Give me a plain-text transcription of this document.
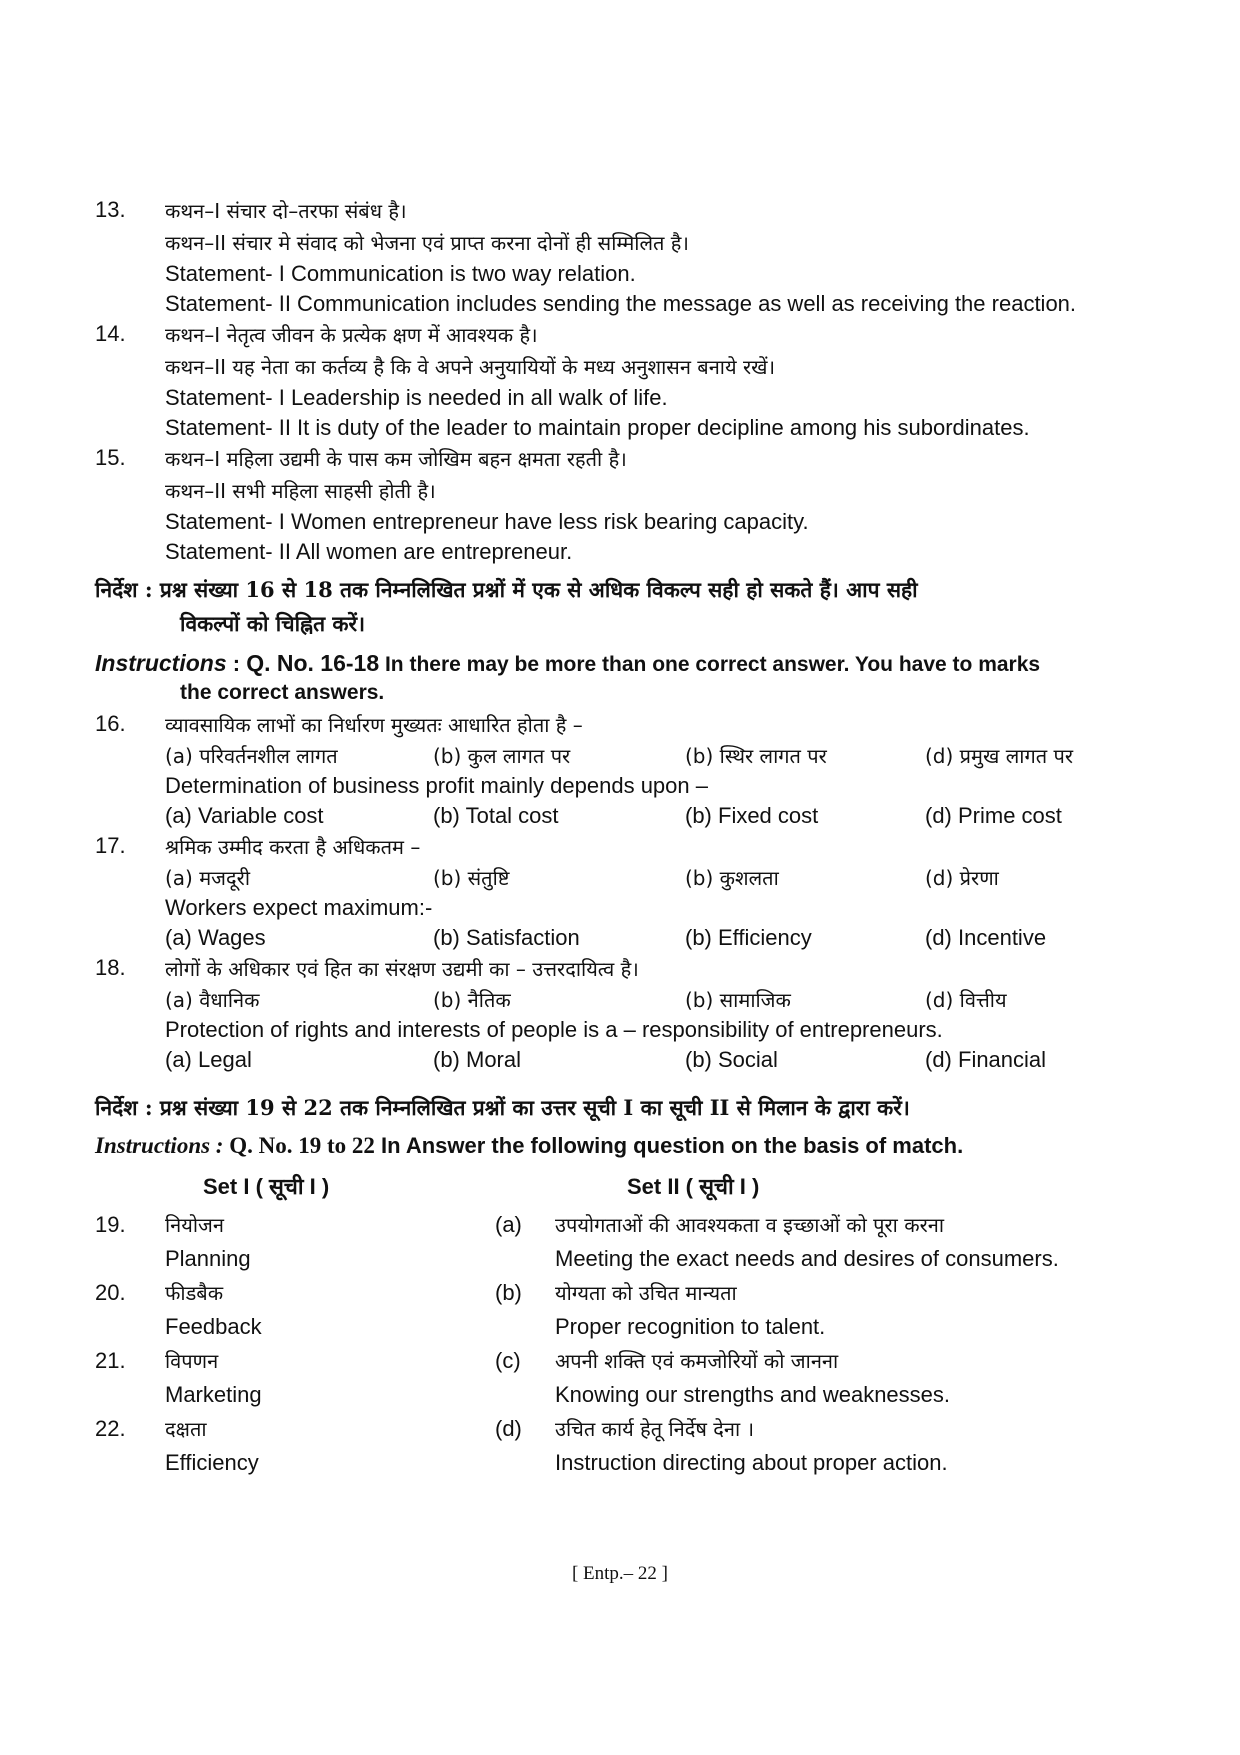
13.	कथन–I संचार दो–तरफा संबंध है।
कथन–II संचार मे संवाद को भेजना एवं प्राप्त करना दोनों ही सम्मिलित है।
Statement- I Communication is two way relation.
Statement- II Communication includes sending the message as well as receiving the reaction.
14.	कथन–I नेतृत्व जीवन के प्रत्येक क्षण में आवश्यक है।
कथन–II यह नेता का कर्तव्य है कि वे अपने अनुयायियों के मध्य अनुशासन बनाये रखें।
Statement- I Leadership is needed in all walk of life.
Statement- II It is duty of the leader to maintain proper decipline among his subordinates.
15.	कथन–I महिला उद्यमी के पास कम जोखिम बहन क्षमता रहती है।
कथन–II सभी महिला साहसी होती है।
Statement- I Women entrepreneur have less risk bearing capacity.
Statement- II All women are entrepreneur.
निर्देश : प्रश्न संख्या 16 से 18 तक निम्नलिखित प्रश्नों में एक से अधिक विकल्प सही हो सकते हैं। आप सही
विकल्पों को चिह्नित करें।
Instructions : Q. No. 16-18 In there may be more than one correct answer. You have to marks
the correct answers.
16.	व्यावसायिक लाभों का निर्धारण मुख्यतः आधारित होता है –
(a) परिवर्तनशील लागत	(b) कुल लागत पर	(b) स्थिर लागत पर	(d) प्रमुख लागत पर
Determination of business profit mainly depends upon –
(a) Variable cost	(b) Total cost	(b) Fixed cost	(d) Prime cost
17.	श्रमिक उम्मीद करता है अधिकतम –
(a) मजदूरी	(b) संतुष्टि	(b) कुशलता	(d) प्रेरणा
Workers expect maximum:-
(a) Wages	(b) Satisfaction	(b) Efficiency	(d) Incentive
18.	लोगों के अधिकार एवं हित का संरक्षण उद्यमी का – उत्तरदायित्व है।
(a) वैधानिक	(b) नैतिक	(b) सामाजिक	(d) वित्तीय
Protection of rights and interests of people is a – responsibility of entrepreneurs.
(a) Legal	(b) Moral	(b) Social	(d) Financial
निर्देश : प्रश्न संख्या 19 से 22 तक निम्नलिखित प्रश्नों का उत्तर सूची I का सूची II से मिलान के द्वारा करें।
Instructions : Q. No. 19 to 22 In Answer the following question on the basis of match.
Set I ( सूची I )	Set II ( सूची I )
19.	नियोजन	(a)	उपयोगताओं की आवश्यकता व इच्छाओं को पूरा करना
Planning	Meeting the exact needs and desires of consumers.
20.	फीडबैक	(b)	योग्यता को उचित मान्यता
Feedback	Proper recognition to talent.
21.	विपणन	(c)	अपनी शक्ति एवं कमजोरियों को जानना
Marketing	Knowing our strengths and weaknesses.
22.	दक्षता	(d)	उचित कार्य हेतू निर्देष देना ।
Efficiency	Instruction directing about proper action.
[ Entp.– 22 ]
